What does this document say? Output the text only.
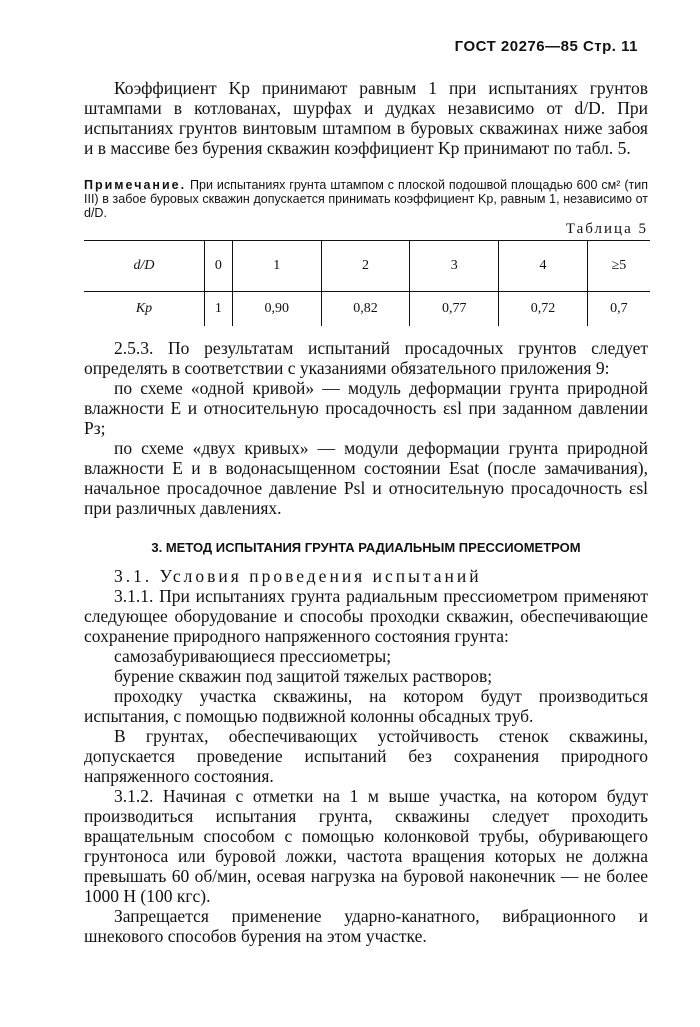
ГОСТ 20276—85 Стр. 11

Коэффициент Kр принимают равным 1 при испытаниях грунтов штампами в котлованах, шурфах и дудках независимо от d/D. При испытаниях грунтов винтовым штампом в буровых скважинах ниже забоя и в массиве без бурения скважин коэффициент Kр принимают по табл. 5.

Примечание. При испытаниях грунта штампом с плоской подошвой площадью 600 см² (тип III) в забое буровых скважин допускается принимать коэффициент Kр, равным 1, независимо от d/D.
Таблица 5
d/D	0	1	2	3	4	≥5
Kр	1	0,90	0,82	0,77	0,72	0,7

2.5.3. По результатам испытаний просадочных грунтов следует определять в соответствии с указаниями обязательного приложения 9:

по схеме «одной кривой» — модуль деформации грунта природной влажности E и относительную просадочность εsl при заданном давлении Pз;

по схеме «двух кривых» — модули деформации грунта природной влажности E и в водонасыщенном состоянии Esat (после замачивания), начальное просадочное давление Psl и относительную просадочность εsl при различных давлениях.

3. МЕТОД ИСПЫТАНИЯ ГРУНТА РАДИАЛЬНЫМ ПРЕССИОМЕТРОМ

3.1. Условия проведения испытаний

3.1.1. При испытаниях грунта радиальным прессиометром применяют следующее оборудование и способы проходки скважин, обеспечивающие сохранение природного напряженного состояния грунта:

самозабуривающиеся прессиометры;

бурение скважин под защитой тяжелых растворов;

проходку участка скважины, на котором будут производиться испытания, с помощью подвижной колонны обсадных труб.

В грунтах, обеспечивающих устойчивость стенок скважины, допускается проведение испытаний без сохранения природного напряженного состояния.

3.1.2. Начиная с отметки на 1 м выше участка, на котором будут производиться испытания грунта, скважины следует проходить вращательным способом с помощью колонковой трубы, обуривающего грунтоноса или буровой ложки, частота вращения которых не должна превышать 60 об/мин, осевая нагрузка на буровой наконечник — не более 1000 Н (100 кгс).

Запрещается применение ударно-канатного, вибрационного и шнекового способов бурения на этом участке.
